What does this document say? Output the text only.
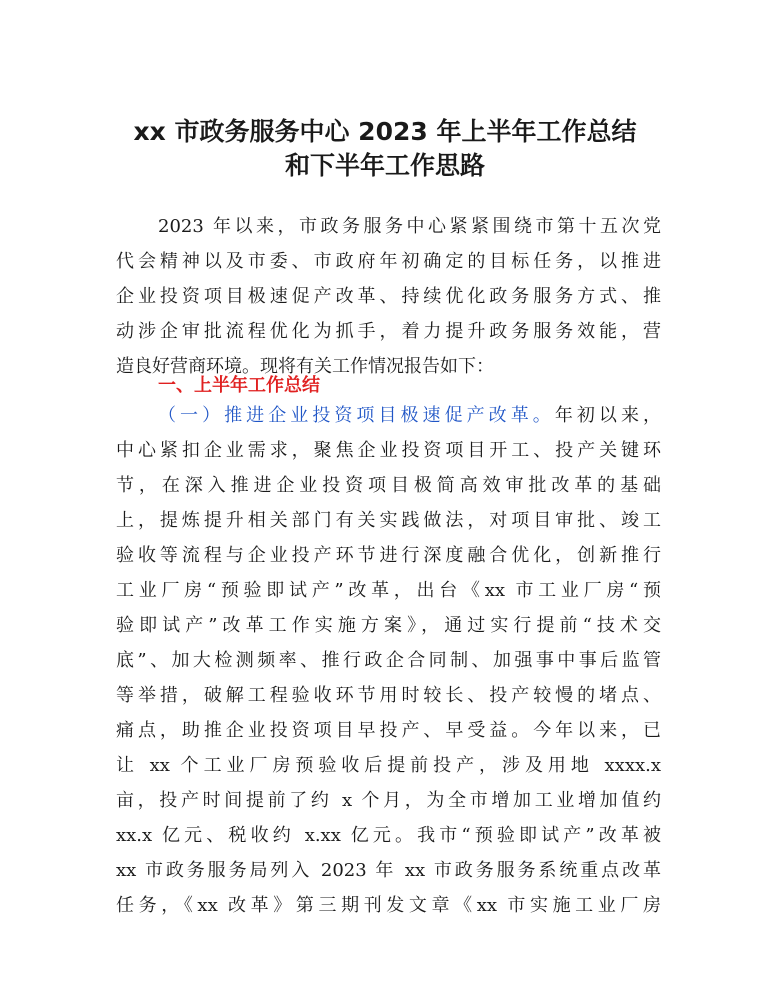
xx 市政务服务中心 2023 年上半年工作总结
和下半年工作思路

2023 年以来，市政务服务中心紧紧围绕市第十五次党

代会精神以及市委、市政府年初确定的目标任务，以推进

企业投资项目极速促产改革、持续优化政务服务方式、推

动涉企审批流程优化为抓手，着力提升政务服务效能，营

造良好营商环境。现将有关工作情况报告如下：

一、上半年工作总结

（一）推进企业投资项目极速促产改革。年初以来，

中心紧扣企业需求，聚焦企业投资项目开工、投产关键环

节，在深入推进企业投资项目极简高效审批改革的基础

上，提炼提升相关部门有关实践做法，对项目审批、竣工

验收等流程与企业投产环节进行深度融合优化，创新推行

工业厂房“预验即试产”改革，出台《xx 市工业厂房“预

验即试产”改革工作实施方案》，通过实行提前“技术交

底”、加大检测频率、推行政企合同制、加强事中事后监管

等举措，破解工程验收环节用时较长、投产较慢的堵点、

痛点，助推企业投资项目早投产、早受益。今年以来，已

让 xx 个工业厂房预验收后提前投产，涉及用地 xxxx.x

亩，投产时间提前了约 x 个月，为全市增加工业增加值约

xx.x 亿元、税收约 x.xx 亿元。我市“预验即试产”改革被

xx 市政务服务局列入 2023 年 xx 市政务服务系统重点改革

任务，《xx 改革》第三期刊发文章《xx 市实施工业厂房
